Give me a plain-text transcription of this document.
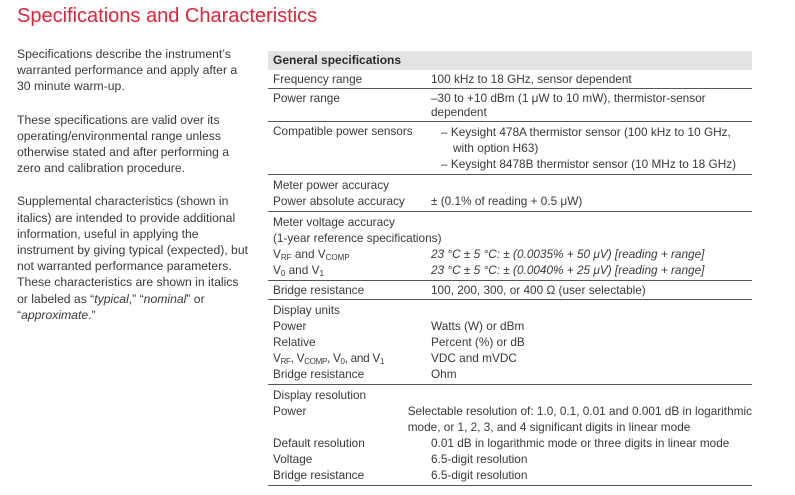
Specifications and Characteristics

Specifications describe the instrument’s warranted performance and apply after a 30 minute warm-up.

These specifications are valid over its operating/environmental range unless otherwise stated and after performing a zero and calibration procedure.

Supplemental characteristics (shown in italics) are intended to provide additional information, useful in applying the instrument by giving typical (expected), but not warranted performance parameters. These characteristics are shown in italics or labeled as “typical,” “nominal” or “approximate.”

General specifications
Frequency range	100 kHz to 18 GHz, sensor dependent
Power range	–30 to +10 dBm (1 μW to 10 mW), thermistor-sensor dependent
Compatible power sensors	– Keysight 478A thermistor sensor (100 kHz to 10 GHz,
with option H63)
– Keysight 8478B thermistor sensor (10 MHz to 18 GHz)
Meter power accuracy
Power absolute accuracy	± (0.1% of reading + 0.5 μW)
Meter voltage accuracy
(1-year reference specifications)
$V_{RF}$ and $V_{COMP}$	23 °C ± 5 °C: ± (0.0035% + 50 μV) [reading + range]
$V_0$ and $V_1$	23 °C ± 5 °C: ± (0.0040% + 25 μV) [reading + range]
Bridge resistance	100, 200, 300, or 400 Ω (user selectable)
Display units
Power	Watts (W) or dBm
Relative	Percent (%) or dB
$V_{RF}$, $V_{COMP}$, $V_0$, and $V_1$	VDC and mVDC
Bridge resistance	Ohm
Display resolution
Power	Selectable resolution of: 1.0, 0.1, 0.01 and 0.001 dB in logarithmic
mode, or 1, 2, 3, and 4 significant digits in linear mode
Default resolution	0.01 dB in logarithmic mode or three digits in linear mode
Voltage	6.5-digit resolution
Bridge resistance	6.5-digit resolution
